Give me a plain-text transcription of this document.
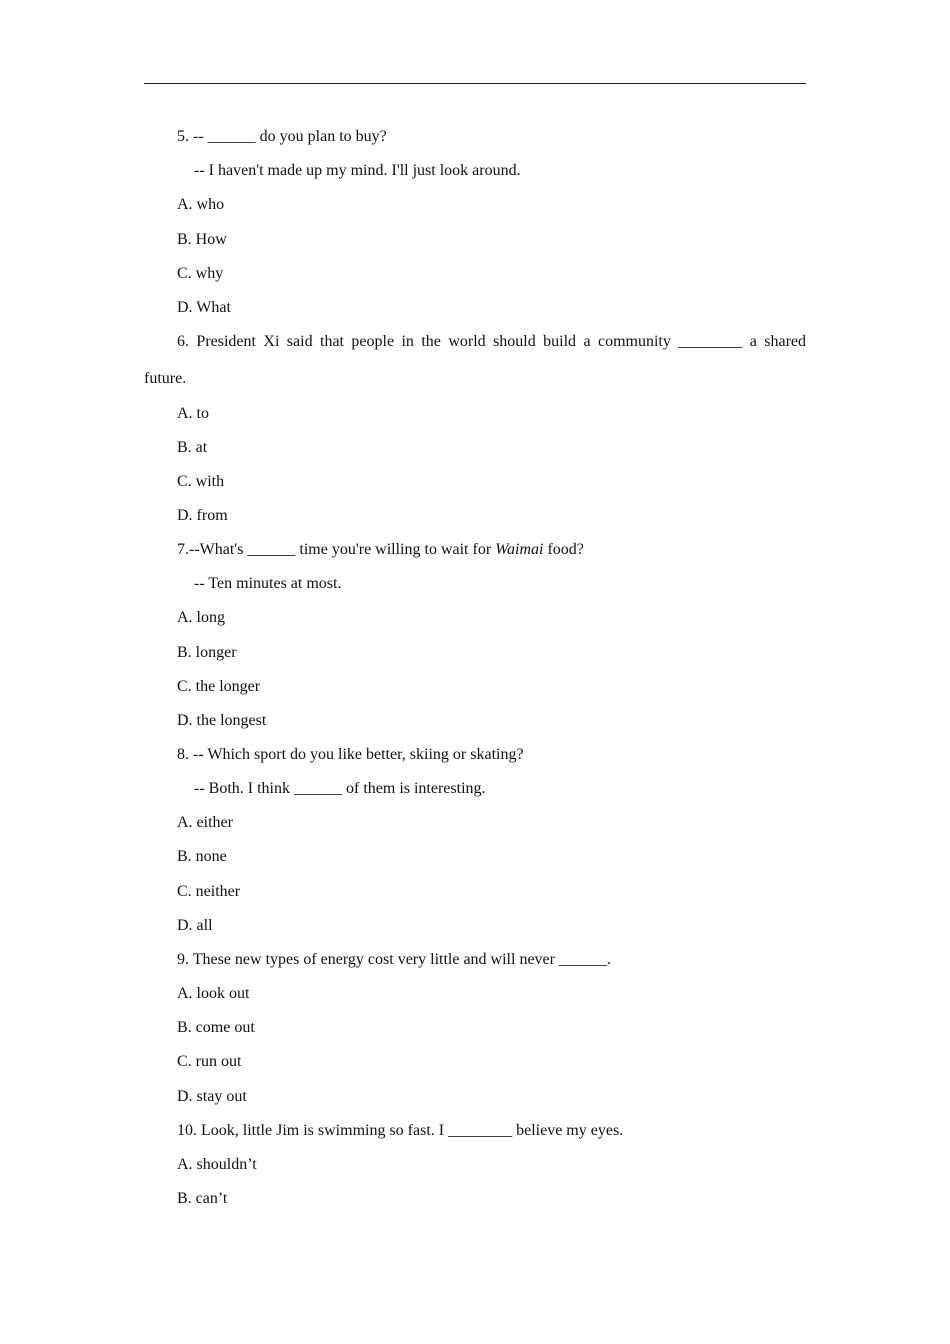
5. -- ______ do you plan to buy?
-- I haven't made up my mind. I'll just look around.
A. who
B. How
C. why
D. What
6. President Xi said that people in the world should build a community ________ a shared
future.
A. to
B. at
C. with
D. from
7.--What's ______ time you're willing to wait for Waimai food?
-- Ten minutes at most.
A. long
B. longer
C. the longer
D. the longest
8. -- Which sport do you like better, skiing or skating?
-- Both. I think ______ of them is interesting.
A. either
B. none
C. neither
D. all
9. These new types of energy cost very little and will never ______.
A. look out
B. come out
C. run out
D. stay out
10. Look, little Jim is swimming so fast. I ________ believe my eyes.
A. shouldn’t
B. can’t
